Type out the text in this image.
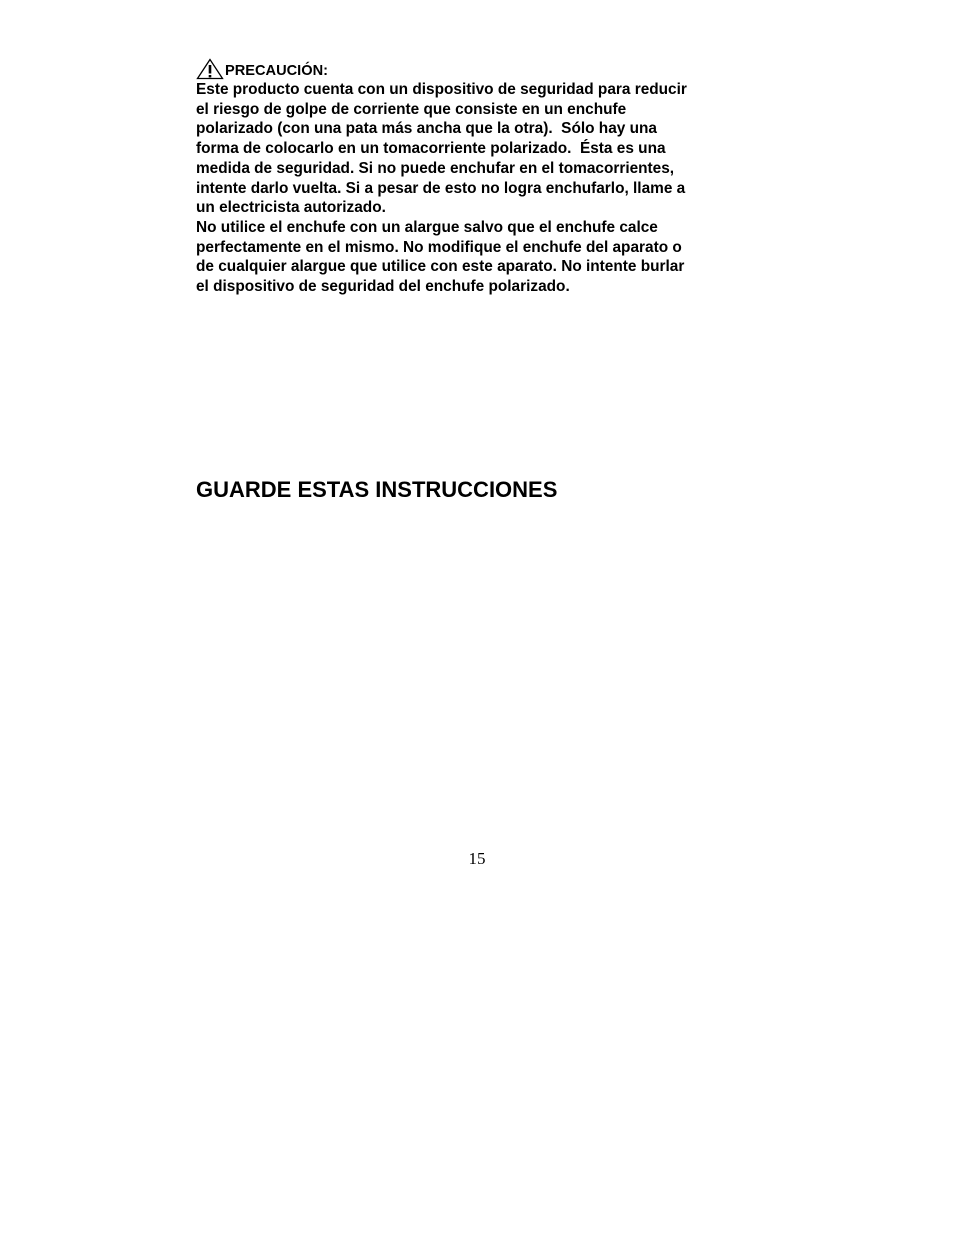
PRECAUCIÓN:

Este producto cuenta con un dispositivo de seguridad para reducir
el riesgo de golpe de corriente que consiste en un enchufe
polarizado (con una pata más ancha que la otra).  Sólo hay una
forma de colocarlo en un tomacorriente polarizado.  Ésta es una
medida de seguridad. Si no puede enchufar en el tomacorrientes,
intente darlo vuelta. Si a pesar de esto no logra enchufarlo, llame a
un electricista autorizado.

No utilice el enchufe con un alargue salvo que el enchufe calce
perfectamente en el mismo. No modifique el enchufe del aparato o
de cualquier alargue que utilice con este aparato. No intente burlar
el dispositivo de seguridad del enchufe polarizado.

GUARDE ESTAS INSTRUCCIONES
15
